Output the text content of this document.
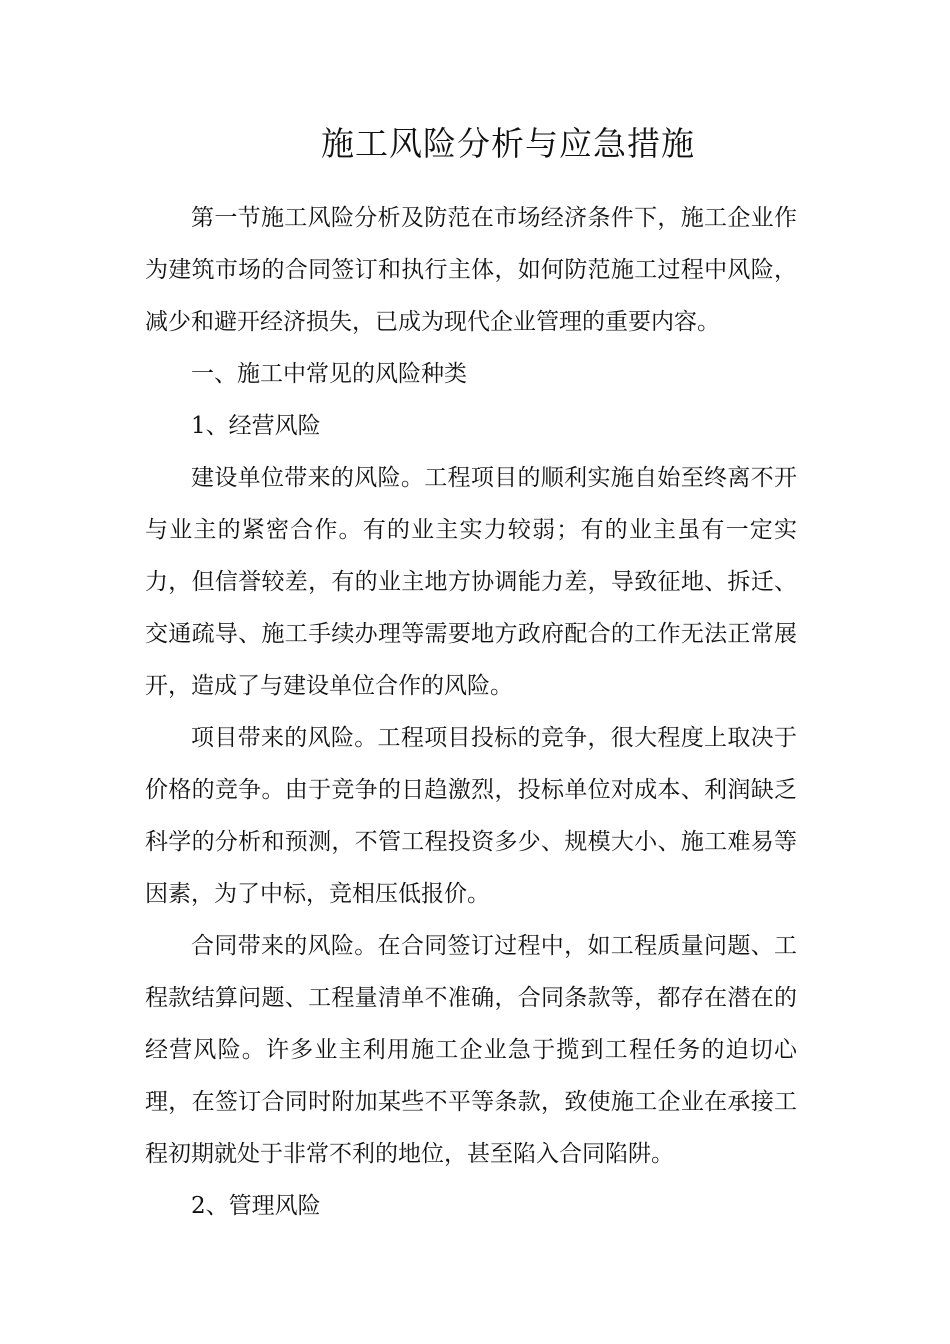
施工风险分析与应急措施

第一节施工风险分析及防范在市场经济条件下，施工企业作为建筑市场的合同签订和执行主体，如何防范施工过程中风险，减少和避开经济损失，已成为现代企业管理的重要内容。

一、施工中常见的风险种类

1、经营风险

建设单位带来的风险。工程项目的顺利实施自始至终离不开与业主的紧密合作。有的业主实力较弱；有的业主虽有一定实力，但信誉较差，有的业主地方协调能力差，导致征地、拆迁、交通疏导、施工手续办理等需要地方政府配合的工作无法正常展开，造成了与建设单位合作的风险。

项目带来的风险。工程项目投标的竞争，很大程度上取决于价格的竞争。由于竞争的日趋激烈，投标单位对成本、利润缺乏科学的分析和预测，不管工程投资多少、规模大小、施工难易等因素，为了中标，竞相压低报价。

合同带来的风险。在合同签订过程中，如工程质量问题、工程款结算问题、工程量清单不准确，合同条款等，都存在潜在的经营风险。许多业主利用施工企业急于揽到工程任务的迫切心理，在签订合同时附加某些不平等条款，致使施工企业在承接工程初期就处于非常不利的地位，甚至陷入合同陷阱。

2、管理风险
